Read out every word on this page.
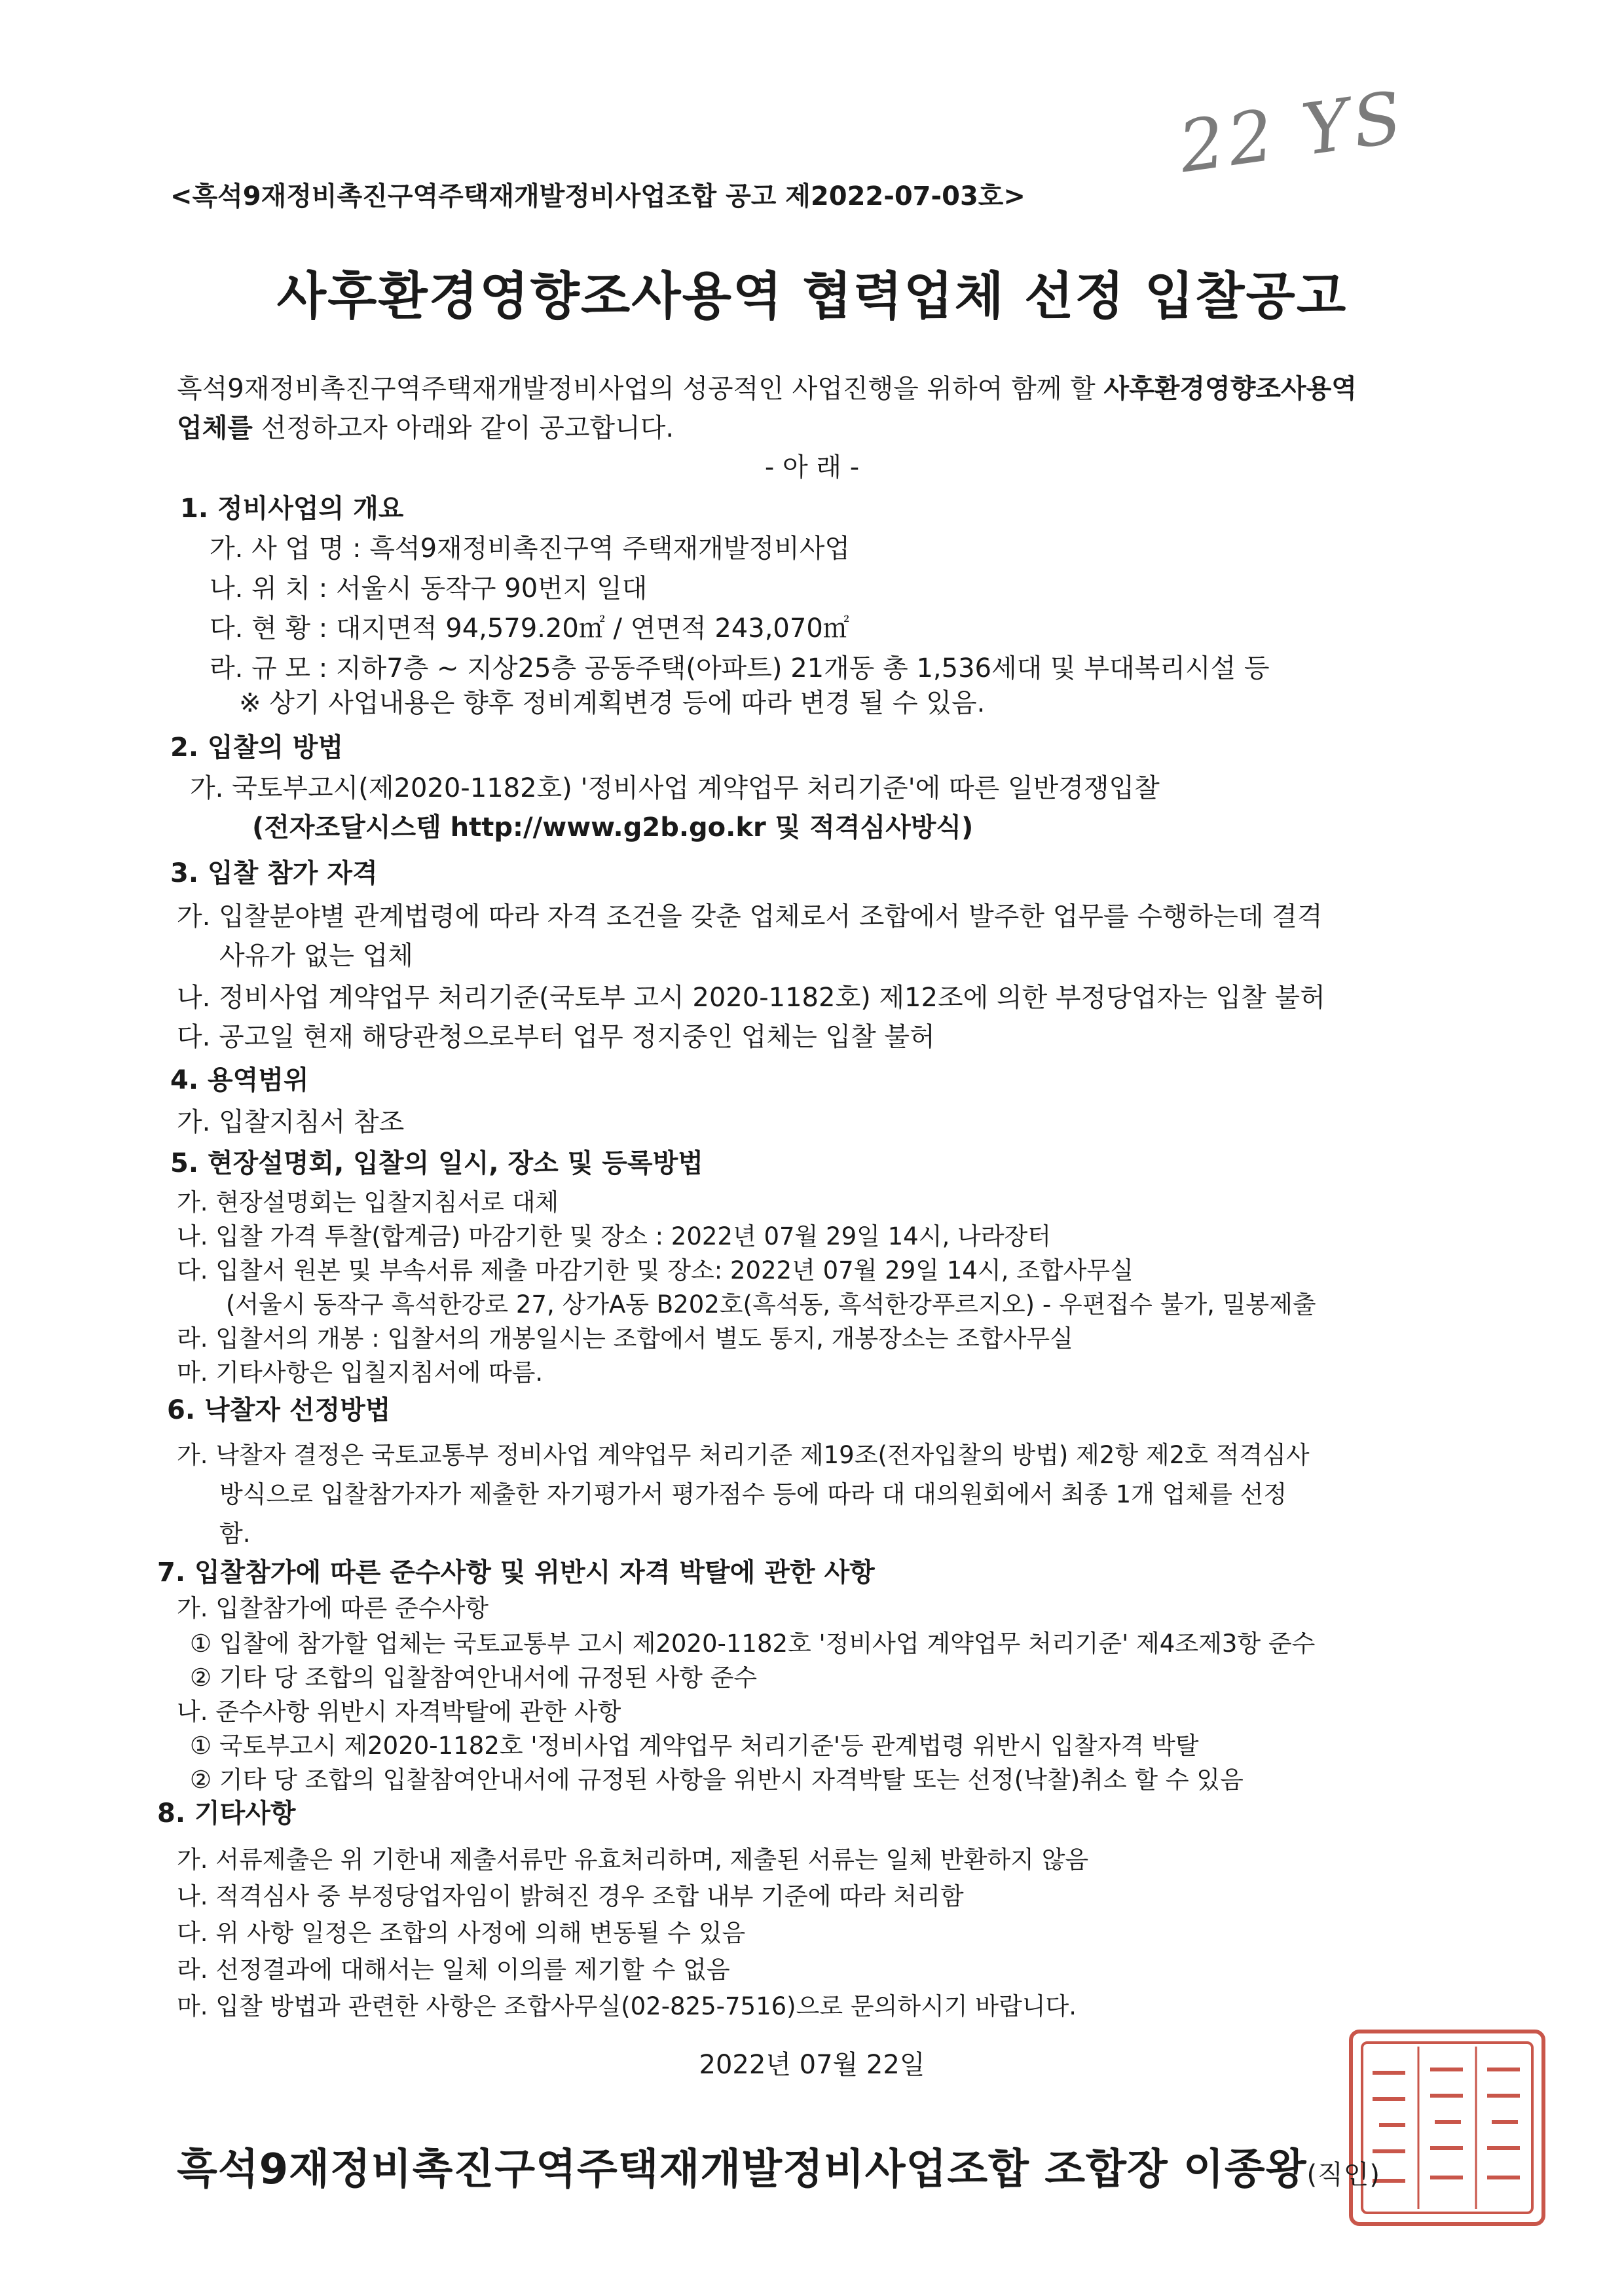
22 YS
<흑석9재정비촉진구역주택재개발정비사업조합 공고 제2022-07-03호>
사후환경영향조사용역 협력업체 선정 입찰공고
흑석9재정비촉진구역주택재개발정비사업의 성공적인 사업진행을 위하여 함께 할 사후환경영향조사용역
업체를 선정하고자 아래와 같이 공고합니다.
- 아 래 -
1. 정비사업의 개요
가. 사 업 명 : 흑석9재정비촉진구역 주택재개발정비사업
나. 위 치 : 서울시 동작구 90번지 일대
다. 현 황 : 대지면적 94,579.20㎡ / 연면적 243,070㎡
라. 규 모 : 지하7층 ~ 지상25층 공동주택(아파트) 21개동 총 1,536세대 및 부대복리시설 등
※ 상기 사업내용은 향후 정비계획변경 등에 따라 변경 될 수 있음.
2. 입찰의 방법
가. 국토부고시(제2020-1182호) '정비사업 계약업무 처리기준'에 따른 일반경쟁입찰
(전자조달시스템 http://www.g2b.go.kr 및 적격심사방식)
3. 입찰 참가 자격
가. 입찰분야별 관계법령에 따라 자격 조건을 갖춘 업체로서 조합에서 발주한 업무를 수행하는데 결격
사유가 없는 업체
나. 정비사업 계약업무 처리기준(국토부 고시 2020-1182호) 제12조에 의한 부정당업자는 입찰 불허
다. 공고일 현재 해당관청으로부터 업무 정지중인 업체는 입찰 불허
4. 용역범위
가. 입찰지침서 참조
5. 현장설명회, 입찰의 일시, 장소 및 등록방법
가. 현장설명회는 입찰지침서로 대체
나. 입찰 가격 투찰(합계금) 마감기한 및 장소 : 2022년 07월 29일 14시, 나라장터
다. 입찰서 원본 및 부속서류 제출 마감기한 및 장소: 2022년 07월 29일 14시, 조합사무실
(서울시 동작구 흑석한강로 27, 상가A동 B202호(흑석동, 흑석한강푸르지오) - 우편접수 불가, 밀봉제출
라. 입찰서의 개봉 : 입찰서의 개봉일시는 조합에서 별도 통지, 개봉장소는 조합사무실
마. 기타사항은 입칠지침서에 따름.
6. 낙찰자 선정방법
가. 낙찰자 결정은 국토교통부 정비사업 계약업무 처리기준 제19조(전자입찰의 방법) 제2항 제2호 적격심사
방식으로 입찰참가자가 제출한 자기평가서 평가점수 등에 따라 대 대의원회에서 최종 1개 업체를 선정
함.
7. 입찰참가에 따른 준수사항 및 위반시 자격 박탈에 관한 사항
가. 입찰참가에 따른 준수사항
① 입찰에 참가할 업체는 국토교통부 고시 제2020-1182호 '정비사업 계약업무 처리기준' 제4조제3항 준수
② 기타 당 조합의 입찰참여안내서에 규정된 사항 준수
나. 준수사항 위반시 자격박탈에 관한 사항
① 국토부고시 제2020-1182호 '정비사업 계약업무 처리기준'등 관계법령 위반시 입찰자격 박탈
② 기타 당 조합의 입찰참여안내서에 규정된 사항을 위반시 자격박탈 또는 선정(낙찰)취소 할 수 있음
8. 기타사항
가. 서류제출은 위 기한내 제출서류만 유효처리하며, 제출된 서류는 일체 반환하지 않음
나. 적격심사 중 부정당업자임이 밝혀진 경우 조합 내부 기준에 따라 처리함
다. 위 사항 일정은 조합의 사정에 의해 변동될 수 있음
라. 선정결과에 대해서는 일체 이의를 제기할 수 없음
마. 입찰 방법과 관련한 사항은 조합사무실(02-825-7516)으로 문의하시기 바랍니다.
2022년 07월 22일
흑석9재정비촉진구역주택재개발정비사업조합 조합장 이종왕(직인)
